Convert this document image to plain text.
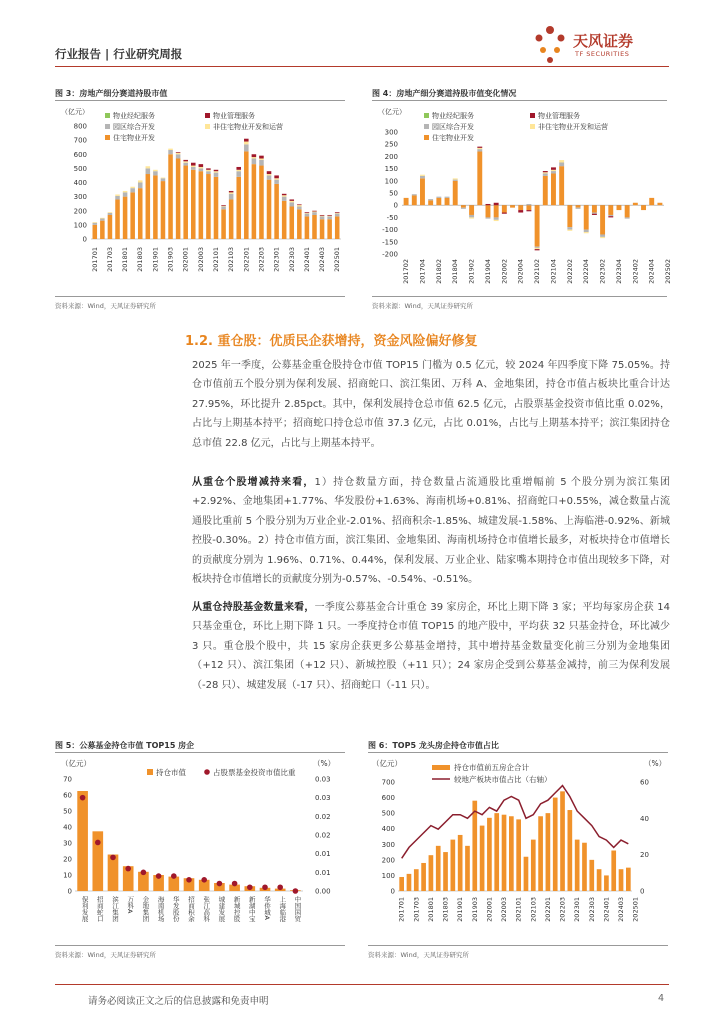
行业报告 | 行业研究周报
天风证券
TF SECURITIES
图 3：房地产细分赛道持股市值	图 4：房地产细分赛道持股市值变化情况
物业经纪服务	物业管理服务
园区综合开发	非住宅物业开发和运营
住宅物业开发
（亿元）
0
100
200
300
400
500
600
700
800
201701 201703 201801 201803 201901 201903 202001 202003 202101 202103 202201 202203 202301 202303 202401 202403 202501
物业经纪服务	物业管理服务
园区综合开发	非住宅物业开发和运营
住宅物业开发
（亿元）
-200
-150
-100
-50
0
50
100
150
200
250
300
201702 201704 201802 201804 201902 201904 202002 202004 202102 202104 202202 202204 202302 202304 202402 202404 202502
资料来源：Wind，天风证券研究所	资料来源：Wind，天风证券研究所
1.2. 重仓股：优质民企获增持，资金风险偏好修复
2025 年一季度，公募基金重仓股持仓市值 TOP15 门槛为 0.5 亿元，较 2024 年四季度下降 75.05%。持仓市值前五个股分别为保利发展、招商蛇口、滨江集团、万科 A、金地集团，持仓市值占板块比重合计达 27.95%，环比提升 2.85pct。其中，保利发展持仓总市值 62.5 亿元，占股票基金投资市值比重 0.02%，占比与上期基本持平；招商蛇口持仓总市值 37.3 亿元，占比 0.01%，占比与上期基本持平；滨江集团持仓总市值 22.8 亿元，占比与上期基本持平。
从重仓个股增减持来看，1）持仓数量方面，持仓数量占流通股比重增幅前 5 个股分别为滨江集团+2.92%、金地集团+1.77%、华发股份+1.63%、海南机场+0.81%、招商蛇口+0.55%，减仓数量占流通股比重前 5 个股分别为万业企业-2.01%、招商积余-1.85%、城建发展-1.58%、上海临港-0.92%、新城控股-0.30%。2）持仓市值方面，滨江集团、金地集团、海南机场持仓市值增长最多，对板块持仓市值增长的贡献度分别为 1.96%、0.71%、0.44%，保利发展、万业企业、陆家嘴本期持仓市值出现较多下降，对板块持仓市值增长的贡献度分别为-0.57%、-0.54%、-0.51%。
从重仓持股基金数量来看，一季度公募基金合计重仓 39 家房企，环比上期下降 3 家；平均每家房企获 14 只基金重仓，环比上期下降 1 只。一季度持仓市值 TOP15 的地产股中，平均获 32 只基金持仓，环比减少 3 只。重仓股个股中，共 15 家房企获更多公募基金增持，其中增持基金数量变化前三分别为金地集团（+12 只）、滨江集团（+12 只）、新城控股（+11 只）；24 家房企受到公募基金减持，前三为保利发展（-28 只）、城建发展（-17 只）、招商蛇口（-11 只）。
图 5：公募基金持仓市值 TOP15 房企	图 6：TOP5 龙头房企持仓市值占比
（亿元）	（%）
0
10
20
30
40
50
60
70
0.00
0.01
0.01
0.02
0.02
0.03
0.03
持仓市值	占股票基金投资市值比重
保利发展 招商蛇口 滨江集团 万科A 金地集团 海南机场 华发股份 招商积余 张江高科 城建发展 新城控股 新湖中宝 华侨城A 上海临港 中国国贸
（亿元）	（%）
0
100
200
300
400
500
600
700
0
20
40
60
持仓市值前五房企合计
较地产板块市值占比（右轴）
201701 201703 201801 201803 201901 201903 202001 202003 202101 202103 202201 202203 202301 202303 202401 202403 202501
资料来源：Wind，天风证券研究所	资料来源：Wind，天风证券研究所
请务必阅读正文之后的信息披露和免责申明	4
